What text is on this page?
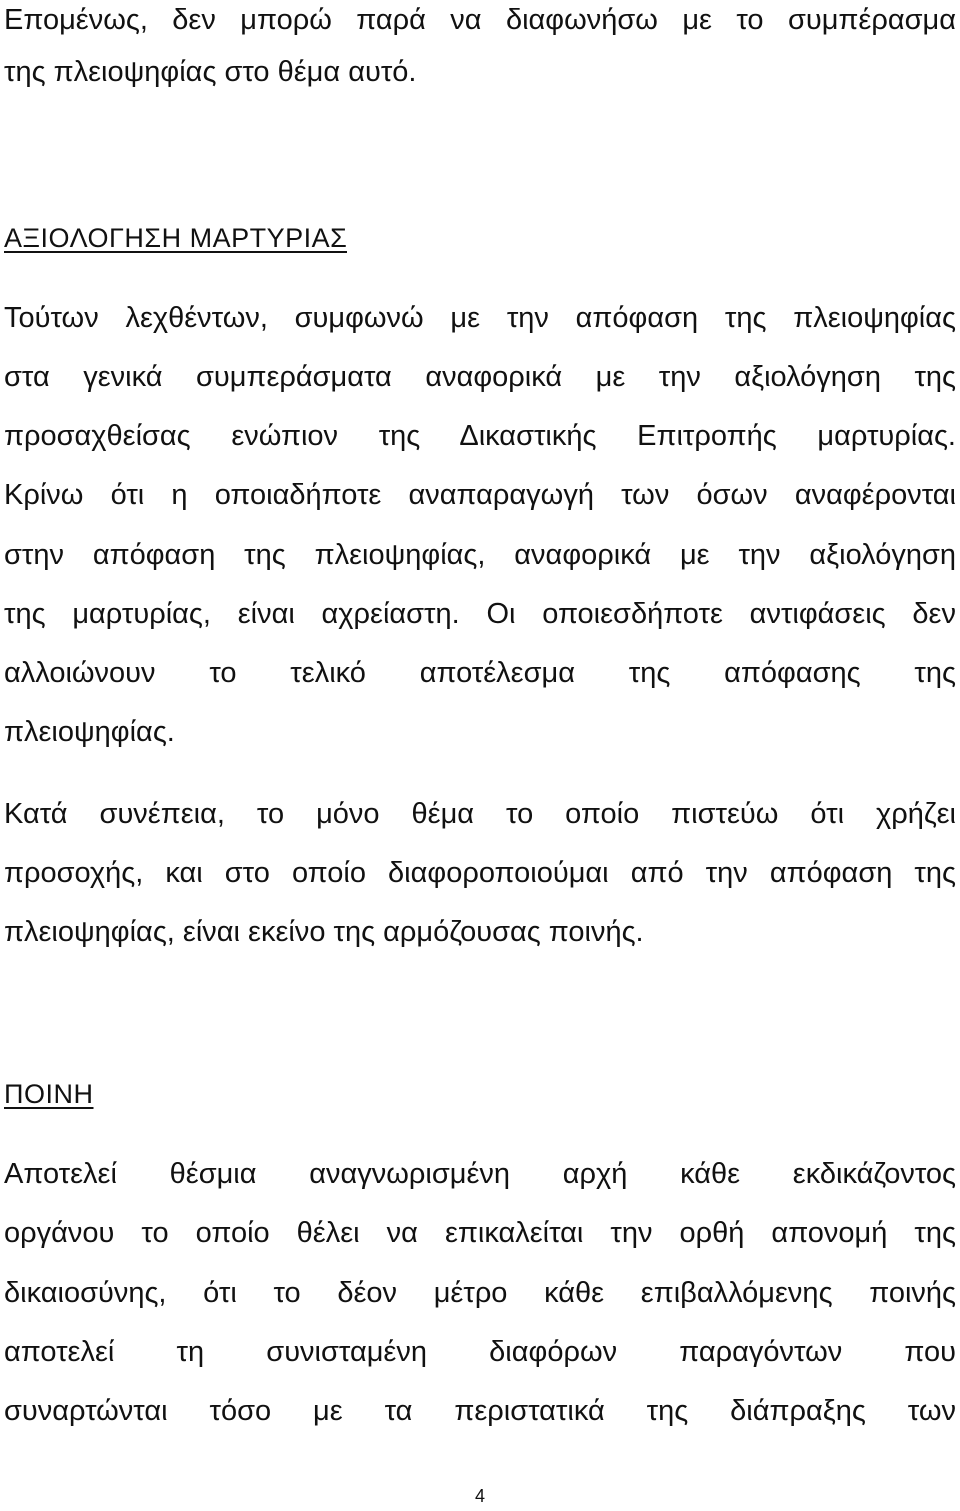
Επομένως, δεν μπορώ παρά να διαφωνήσω με το συμπέρασμα
της πλειοψηφίας στο θέμα αυτό.
ΑΞΙΟΛΟΓΗΣΗ ΜΑΡΤΥΡΙΑΣ
Τούτων λεχθέντων, συμφωνώ με την απόφαση της πλειοψηφίας
στα γενικά συμπεράσματα αναφορικά με την αξιολόγηση της
προσαχθείσας ενώπιον της Δικαστικής Επιτροπής μαρτυρίας.
Κρίνω ότι η οποιαδήποτε αναπαραγωγή των όσων αναφέρονται
στην απόφαση της πλειοψηφίας, αναφορικά με την αξιολόγηση
της μαρτυρίας, είναι αχρείαστη. Οι οποιεσδήποτε αντιφάσεις δεν
αλλοιώνουν το τελικό αποτέλεσμα της απόφασης της
πλειοψηφίας.
Κατά συνέπεια, το μόνο θέμα το οποίο πιστεύω ότι χρήζει
προσοχής, και στο οποίο διαφοροποιούμαι από την απόφαση της
πλειοψηφίας, είναι εκείνο της αρμόζουσας ποινής.
ΠΟΙΝΗ
Αποτελεί θέσμια αναγνωρισμένη αρχή κάθε εκδικάζοντος
οργάνου το οποίο θέλει να επικαλείται την ορθή απονομή της
δικαιοσύνης, ότι το δέον μέτρο κάθε επιβαλλόμενης ποινής
αποτελεί τη συνισταμένη διαφόρων παραγόντων που
συναρτώνται τόσο με τα περιστατικά της διάπραξης των
4
